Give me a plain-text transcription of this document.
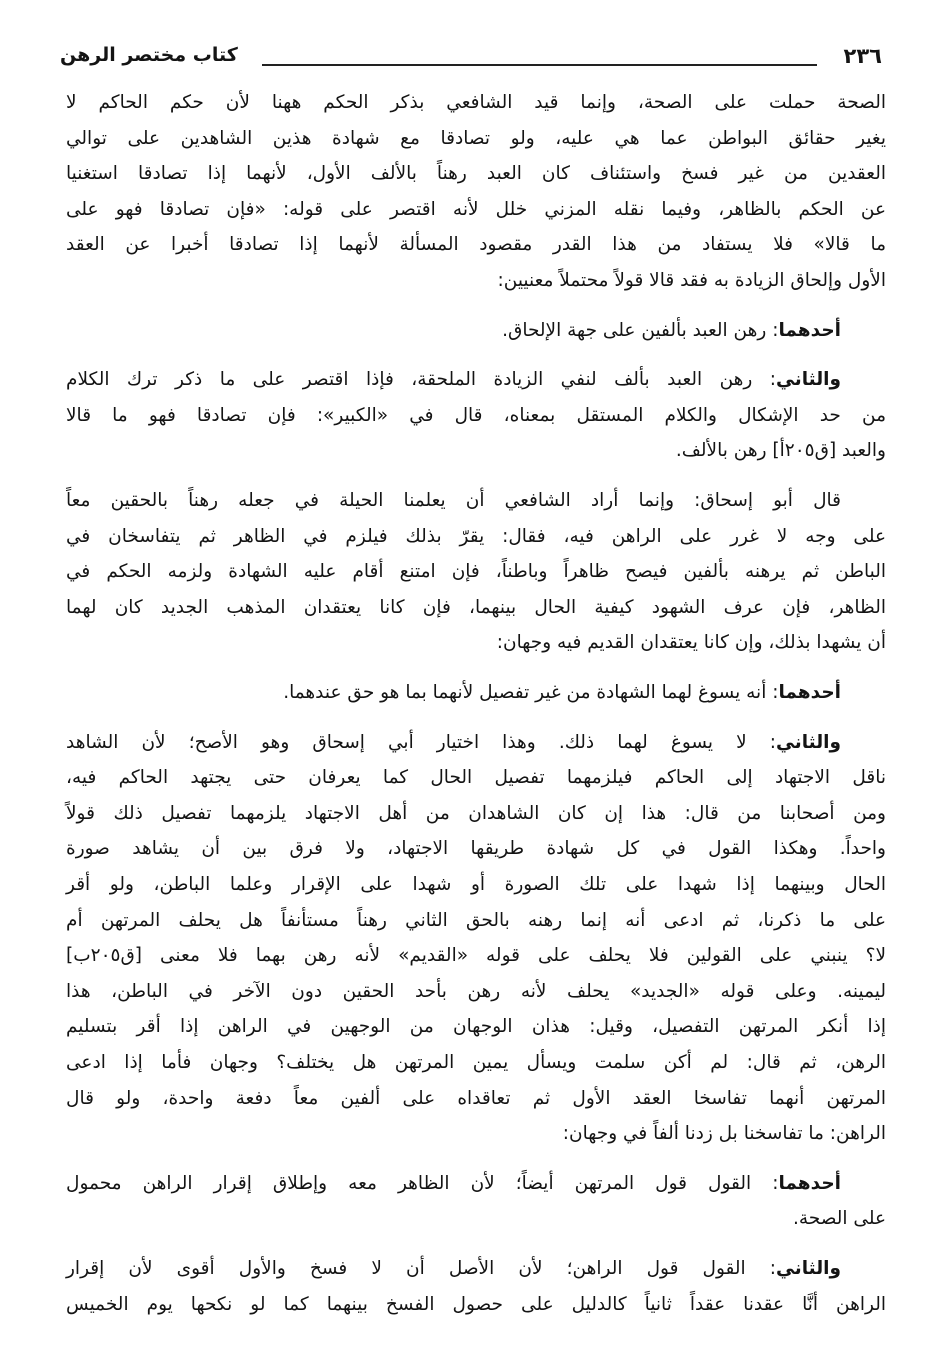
٢٣٦
كتاب مختصر الرهن
الصحة حملت على الصحة، وإنما قيد الشافعي بذكر الحكم ههنا لأن حكم الحاكم لا
يغير حقائق البواطن عما هي عليه، ولو تصادقا مع شهادة هذين الشاهدين على توالي
العقدين من غير فسخ واستئناف كان العبد رهناً بالألف الأول، لأنهما إذا تصادقا استغنيا
عن الحكم بالظاهر، وفيما نقله المزني خلل لأنه اقتصر على قوله: «فإن تصادقا فهو على
ما قالا» فلا يستفاد من هذا القدر مقصود المسألة لأنهما إذا تصادقا أخبرا عن العقد
الأول وإلحاق الزيادة به فقد قالا قولاً محتملاً معنيين:
أحدهما: رهن العبد بألفين على جهة الإلحاق.
والثاني: رهن العبد بألف لنفي الزيادة الملحقة، فإذا اقتصر على ما ذكر ترك الكلام
من حد الإشكال والكلام المستقل بمعناه، قال في «الكبير»: فإن تصادقا فهو ما قالا
والعبد [ق٢٠٥أ] رهن بالألف.
قال أبو إسحاق: وإنما أراد الشافعي أن يعلمنا الحيلة في جعله رهناً بالحقين معاً
على وجه لا غرر على الراهن فيه، فقال: يقرّ بذلك فيلزم في الظاهر ثم يتفاسخان في
الباطن ثم يرهنه بألفين فيصح ظاهراً وباطناً، فإن امتنع أقام عليه الشهادة ولزمه الحكم في
الظاهر، فإن عرف الشهود كيفية الحال بينهما، فإن كانا يعتقدان المذهب الجديد كان لهما
أن يشهدا بذلك، وإن كانا يعتقدان القديم فيه وجهان:
أحدهما: أنه يسوغ لهما الشهادة من غير تفصيل لأنهما بما هو حق عندهما.
والثاني: لا يسوغ لهما ذلك. وهذا اختيار أبي إسحاق وهو الأصح؛ لأن الشاهد
ناقل الاجتهاد إلى الحاكم فيلزمهما تفصيل الحال كما يعرفان حتى يجتهد الحاكم فيه،
ومن أصحابنا من قال: هذا إن كان الشاهدان من أهل الاجتهاد يلزمهما تفصيل ذلك قولاً
واحداً. وهكذا القول في كل شهادة طريقها الاجتهاد، ولا فرق بين أن يشاهد صورة
الحال وبينهما إذا شهدا على تلك الصورة أو شهدا على الإقرار وعلما الباطن، ولو أقر
على ما ذكرنا، ثم ادعى أنه إنما رهنه بالحق الثاني رهناً مستأنفاً هل يحلف المرتهن أم
لا؟ ينبني على القولين فلا يحلف على قوله «القديم» لأنه رهن بهما فلا معنى [ق٢٠٥ب]
ليمينه. وعلى قوله «الجديد» يحلف لأنه رهن بأحد الحقين دون الآخر في الباطن، هذا
إذا أنكر المرتهن التفصيل، وقيل: هذان الوجهان من الوجهين في الراهن إذا أقر بتسليم
الرهن، ثم قال: لم أكن سلمت ويسأل يمين المرتهن هل يختلف؟ وجهان فأما إذا ادعى
المرتهن أنهما تفاسخا العقد الأول ثم تعاقداه على ألفين معاً دفعة واحدة، ولو قال
الراهن: ما تفاسخنا بل زدنا ألفاً في وجهان:
أحدهما: القول قول المرتهن أيضاً؛ لأن الظاهر معه وإطلاق إقرار الراهن محمول
على الصحة.
والثاني: القول قول الراهن؛ لأن الأصل أن لا فسخ والأول أقوى لأن إقرار
الراهن أنَّا عقدنا عقداً ثانياً كالدليل على حصول الفسخ بينهما كما لو نكحها يوم الخميس
